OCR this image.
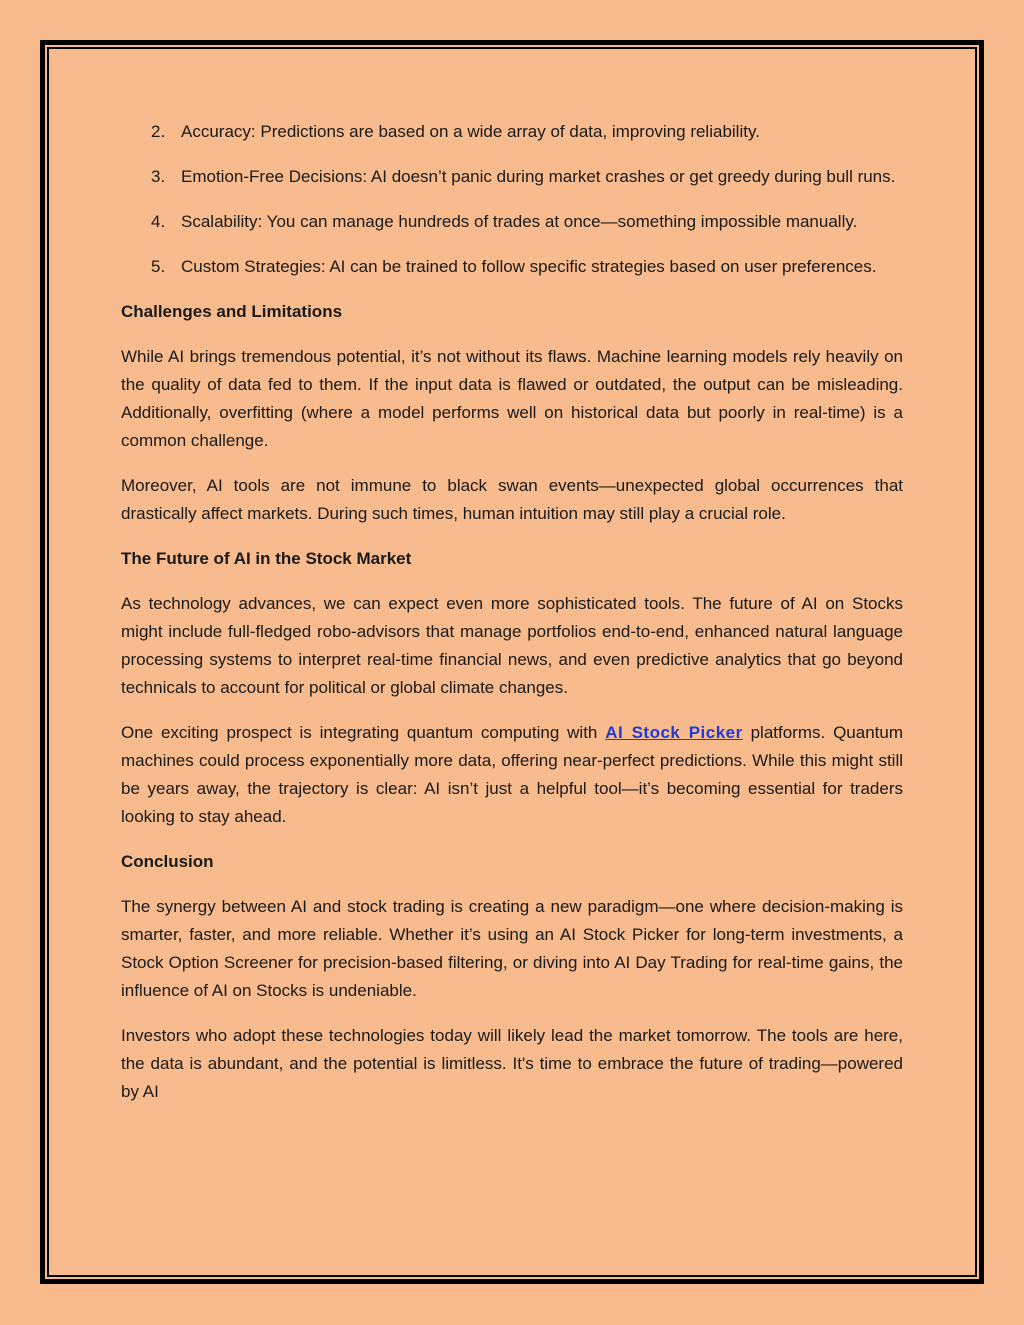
2. Accuracy: Predictions are based on a wide array of data, improving reliability.
3. Emotion-Free Decisions: AI doesn’t panic during market crashes or get greedy during bull runs.
4. Scalability: You can manage hundreds of trades at once—something impossible manually.
5. Custom Strategies: AI can be trained to follow specific strategies based on user preferences.
Challenges and Limitations

While AI brings tremendous potential, it’s not without its flaws. Machine learning models rely heavily on the quality of data fed to them. If the input data is flawed or outdated, the output can be misleading. Additionally, overfitting (where a model performs well on historical data but poorly in real-time) is a common challenge.

Moreover, AI tools are not immune to black swan events—unexpected global occurrences that drastically affect markets. During such times, human intuition may still play a crucial role.

The Future of AI in the Stock Market

As technology advances, we can expect even more sophisticated tools. The future of AI on Stocks might include full-fledged robo-advisors that manage portfolios end-to-end, enhanced natural language processing systems to interpret real-time financial news, and even predictive analytics that go beyond technicals to account for political or global climate changes.

One exciting prospect is integrating quantum computing with AI Stock Picker platforms. Quantum machines could process exponentially more data, offering near-perfect predictions. While this might still be years away, the trajectory is clear: AI isn’t just a helpful tool—it’s becoming essential for traders looking to stay ahead.

Conclusion

The synergy between AI and stock trading is creating a new paradigm—one where decision-making is smarter, faster, and more reliable. Whether it’s using an AI Stock Picker for long-term investments, a Stock Option Screener for precision-based filtering, or diving into AI Day Trading for real-time gains, the influence of AI on Stocks is undeniable.

Investors who adopt these technologies today will likely lead the market tomorrow. The tools are here, the data is abundant, and the potential is limitless. It's time to embrace the future of trading—powered by AI
